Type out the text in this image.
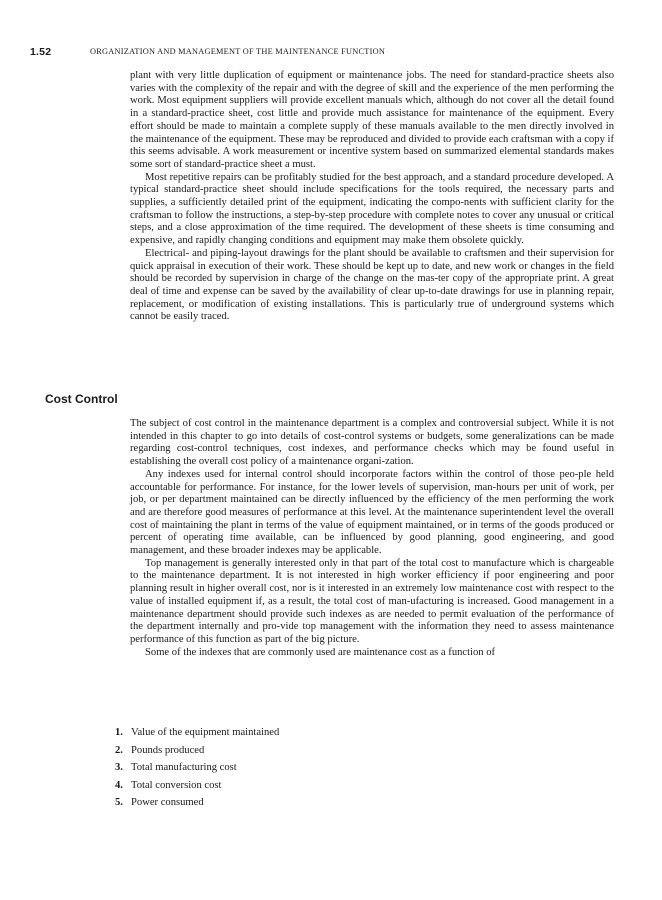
1.52	ORGANIZATION AND MANAGEMENT OF THE MAINTENANCE FUNCTION

plant with very little duplication of equipment or maintenance jobs. The need for standard-practice sheets also varies with the complexity of the repair and with the degree of skill and the experience of the men performing the work. Most equipment suppliers will provide excellent manuals which, although do not cover all the detail found in a standard-practice sheet, cost little and provide much assistance for maintenance of the equipment. Every effort should be made to maintain a complete supply of these manuals available to the men directly involved in the maintenance of the equipment. These may be reproduced and divided to provide each craftsman with a copy if this seems advisable. A work measurement or incentive system based on summarized elemental standards makes some sort of standard-practice sheet a must.

Most repetitive repairs can be profitably studied for the best approach, and a standard procedure developed. A typical standard-practice sheet should include specifications for the tools required, the necessary parts and supplies, a sufficiently detailed print of the equipment, indicating the compo-nents with sufficient clarity for the craftsman to follow the instructions, a step-by-step procedure with complete notes to cover any unusual or critical steps, and a close approximation of the time required. The development of these sheets is time consuming and expensive, and rapidly changing conditions and equipment may make them obsolete quickly.

Electrical- and piping-layout drawings for the plant should be available to craftsmen and their supervision for quick appraisal in execution of their work. These should be kept up to date, and new work or changes in the field should be recorded by supervision in charge of the change on the mas-ter copy of the appropriate print. A great deal of time and expense can be saved by the availability of clear up-to-date drawings for use in planning repair, replacement, or modification of existing installations. This is particularly true of underground systems which cannot be easily traced.

Cost Control

The subject of cost control in the maintenance department is a complex and controversial subject. While it is not intended in this chapter to go into details of cost-control systems or budgets, some generalizations can be made regarding cost-control techniques, cost indexes, and performance checks which may be found useful in establishing the overall cost policy of a maintenance organi-zation.

Any indexes used for internal control should incorporate factors within the control of those peo-ple held accountable for performance. For instance, for the lower levels of supervision, man-hours per unit of work, per job, or per department maintained can be directly influenced by the efficiency of the men performing the work and are therefore good measures of performance at this level. At the maintenance superintendent level the overall cost of maintaining the plant in terms of the value of equipment maintained, or in terms of the goods produced or percent of operating time available, can be influenced by good planning, good engineering, and good management, and these broader indexes may be applicable.

Top management is generally interested only in that part of the total cost to manufacture which is chargeable to the maintenance department. It is not interested in high worker efficiency if poor engineering and poor planning result in higher overall cost, nor is it interested in an extremely low maintenance cost with respect to the value of installed equipment if, as a result, the total cost of man-ufacturing is increased. Good management in a maintenance department should provide such indexes as are needed to permit evaluation of the performance of the department internally and pro-vide top management with the information they need to assess maintenance performance of this function as part of the big picture.

Some of the indexes that are commonly used are maintenance cost as a function of

1. Value of the equipment maintained
2. Pounds produced
3. Total manufacturing cost
4. Total conversion cost
5. Power consumed
